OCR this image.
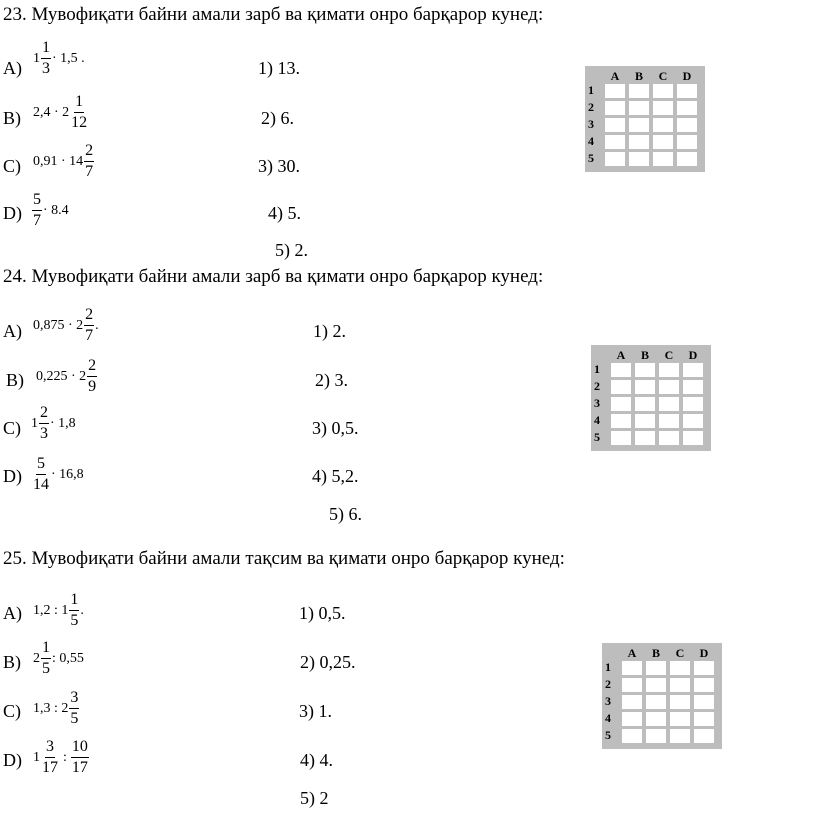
23. Мувофиқати байни амали зарб ва қимати онро барқарор кунед:
A) $1 \frac{1}{3} \cdot 1,5$ .
B) $2,4 \cdot 2 \frac{1}{12}$
C) $0,91 \cdot 14 \frac{2}{7}$
$D) \frac{5}{7} \cdot 8.4$
1) 13.
2) 6.
3) 30.
4) 5.
5) 2.
24. Мувофиқати байни амали зарб ва қимати онро барқарор кунед:
A) $0,875 \cdot 2 \frac{2}{7}$ .
B) $0,225 \cdot 2 \frac{2}{9}$
C) $1 \frac{2}{3} \cdot 1,8$
$D) \frac{5}{14} \cdot 16,8$
1) 2.
2) 3.
3) 0,5.
4) 5,2.
5) 6.
25. Мувофиқати байни амали тақсим ва қимати онро барқарор кунед:
A) 1,2 : $1 \frac{1}{5}$ .
B) $2 \frac{1}{5}$ : 0,55
C) 1,3 : $2 \frac{3}{5}$
D) $1 \frac{3}{17}$ : $\frac{10}{17}$
1) 0,5.
2) 0,25.
3) 1.
4) 4.
5) 2
A	B	C	D
1
2
3
4
5
A	B	C	D
1
2
3
4
5
A	B	C	D
1
2
3
4
5
